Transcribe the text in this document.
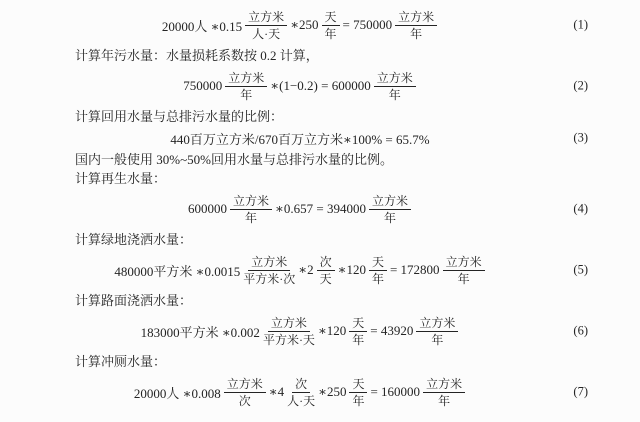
20000人 ∗0.15 $\frac{\text{立方米}}{\text{人·天}}$ ∗250 $\frac{\text{天}}{\text{年}} = 750000 \frac{\text{立方米}}{\text{年}}$	(1)
计算年污水量：水量损耗系数按 0.2 计算，
$750000 \frac{\text{立方米}}{\text{年}}$ ∗(1−0.2) = $600000 \frac{\text{立方米}}{\text{年}}$	(2)
计算回用水量与总排污水量的比例：
440百万立方米/670百万立方米∗100% = 65.7%	(3)
国内一般使用 30%~50%回用水量与总排污水量的比例。
计算再生水量：
$600000 \frac{\text{立方米}}{\text{年}}$ ∗0.657 = $394000 \frac{\text{立方米}}{\text{年}}$	(4)
计算绿地浇洒水量：
480000平方米 ∗0.0015 $\frac{\text{立方米}}{\text{平方米·次}}$ ∗2 $\frac{\text{次}}{\text{天}}$ ∗120 $\frac{\text{天}}{\text{年}} = 172800 \frac{\text{立方米}}{\text{年}}$	(5)
计算路面浇洒水量：
183000平方米 ∗0.002 $\frac{\text{立方米}}{\text{平方米·天}}$ ∗120 $\frac{\text{天}}{\text{年}} = 43920 \frac{\text{立方米}}{\text{年}}$	(6)
计算冲厕水量：
20000人 ∗0.008 $\frac{\text{立方米}}{\text{次}}$ ∗4 $\frac{\text{次}}{\text{人·天}}$ ∗250 $\frac{\text{天}}{\text{年}} = 160000 \frac{\text{立方米}}{\text{年}}$	(7)
